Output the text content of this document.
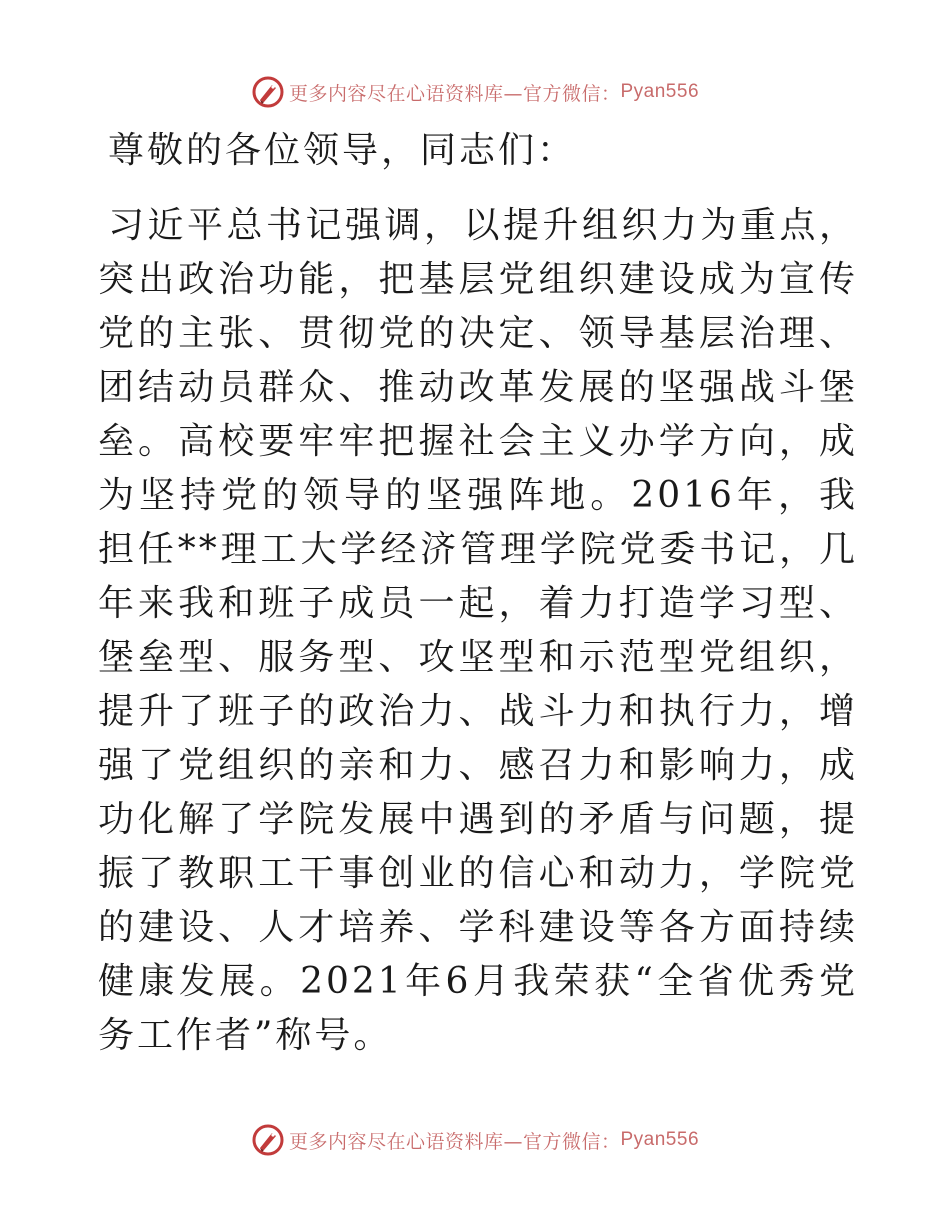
更多内容尽在心语资料库—官方微信： Pyan556

尊敬的各位领导，同志们：

习近平总书记强调，以提升组织力为重点，突出政治功能，把基层党组织建设成为宣传党的主张、贯彻党的决定、领导基层治理、团结动员群众、推动改革发展的坚强战斗堡垒。高校要牢牢把握社会主义办学方向，成为坚持党的领导的坚强阵地。2016年，我担任**理工大学经济管理学院党委书记，几年来我和班子成员一起，着力打造学习型、堡垒型、服务型、攻坚型和示范型党组织，提升了班子的政治力、战斗力和执行力，增强了党组织的亲和力、感召力和影响力，成功化解了学院发展中遇到的矛盾与问题，提振了教职工干事创业的信心和动力，学院党的建设、人才培养、学科建设等各方面持续健康发展。2021年6月我荣获“全省优秀党务工作者”称号。

更多内容尽在心语资料库—官方微信： Pyan556
